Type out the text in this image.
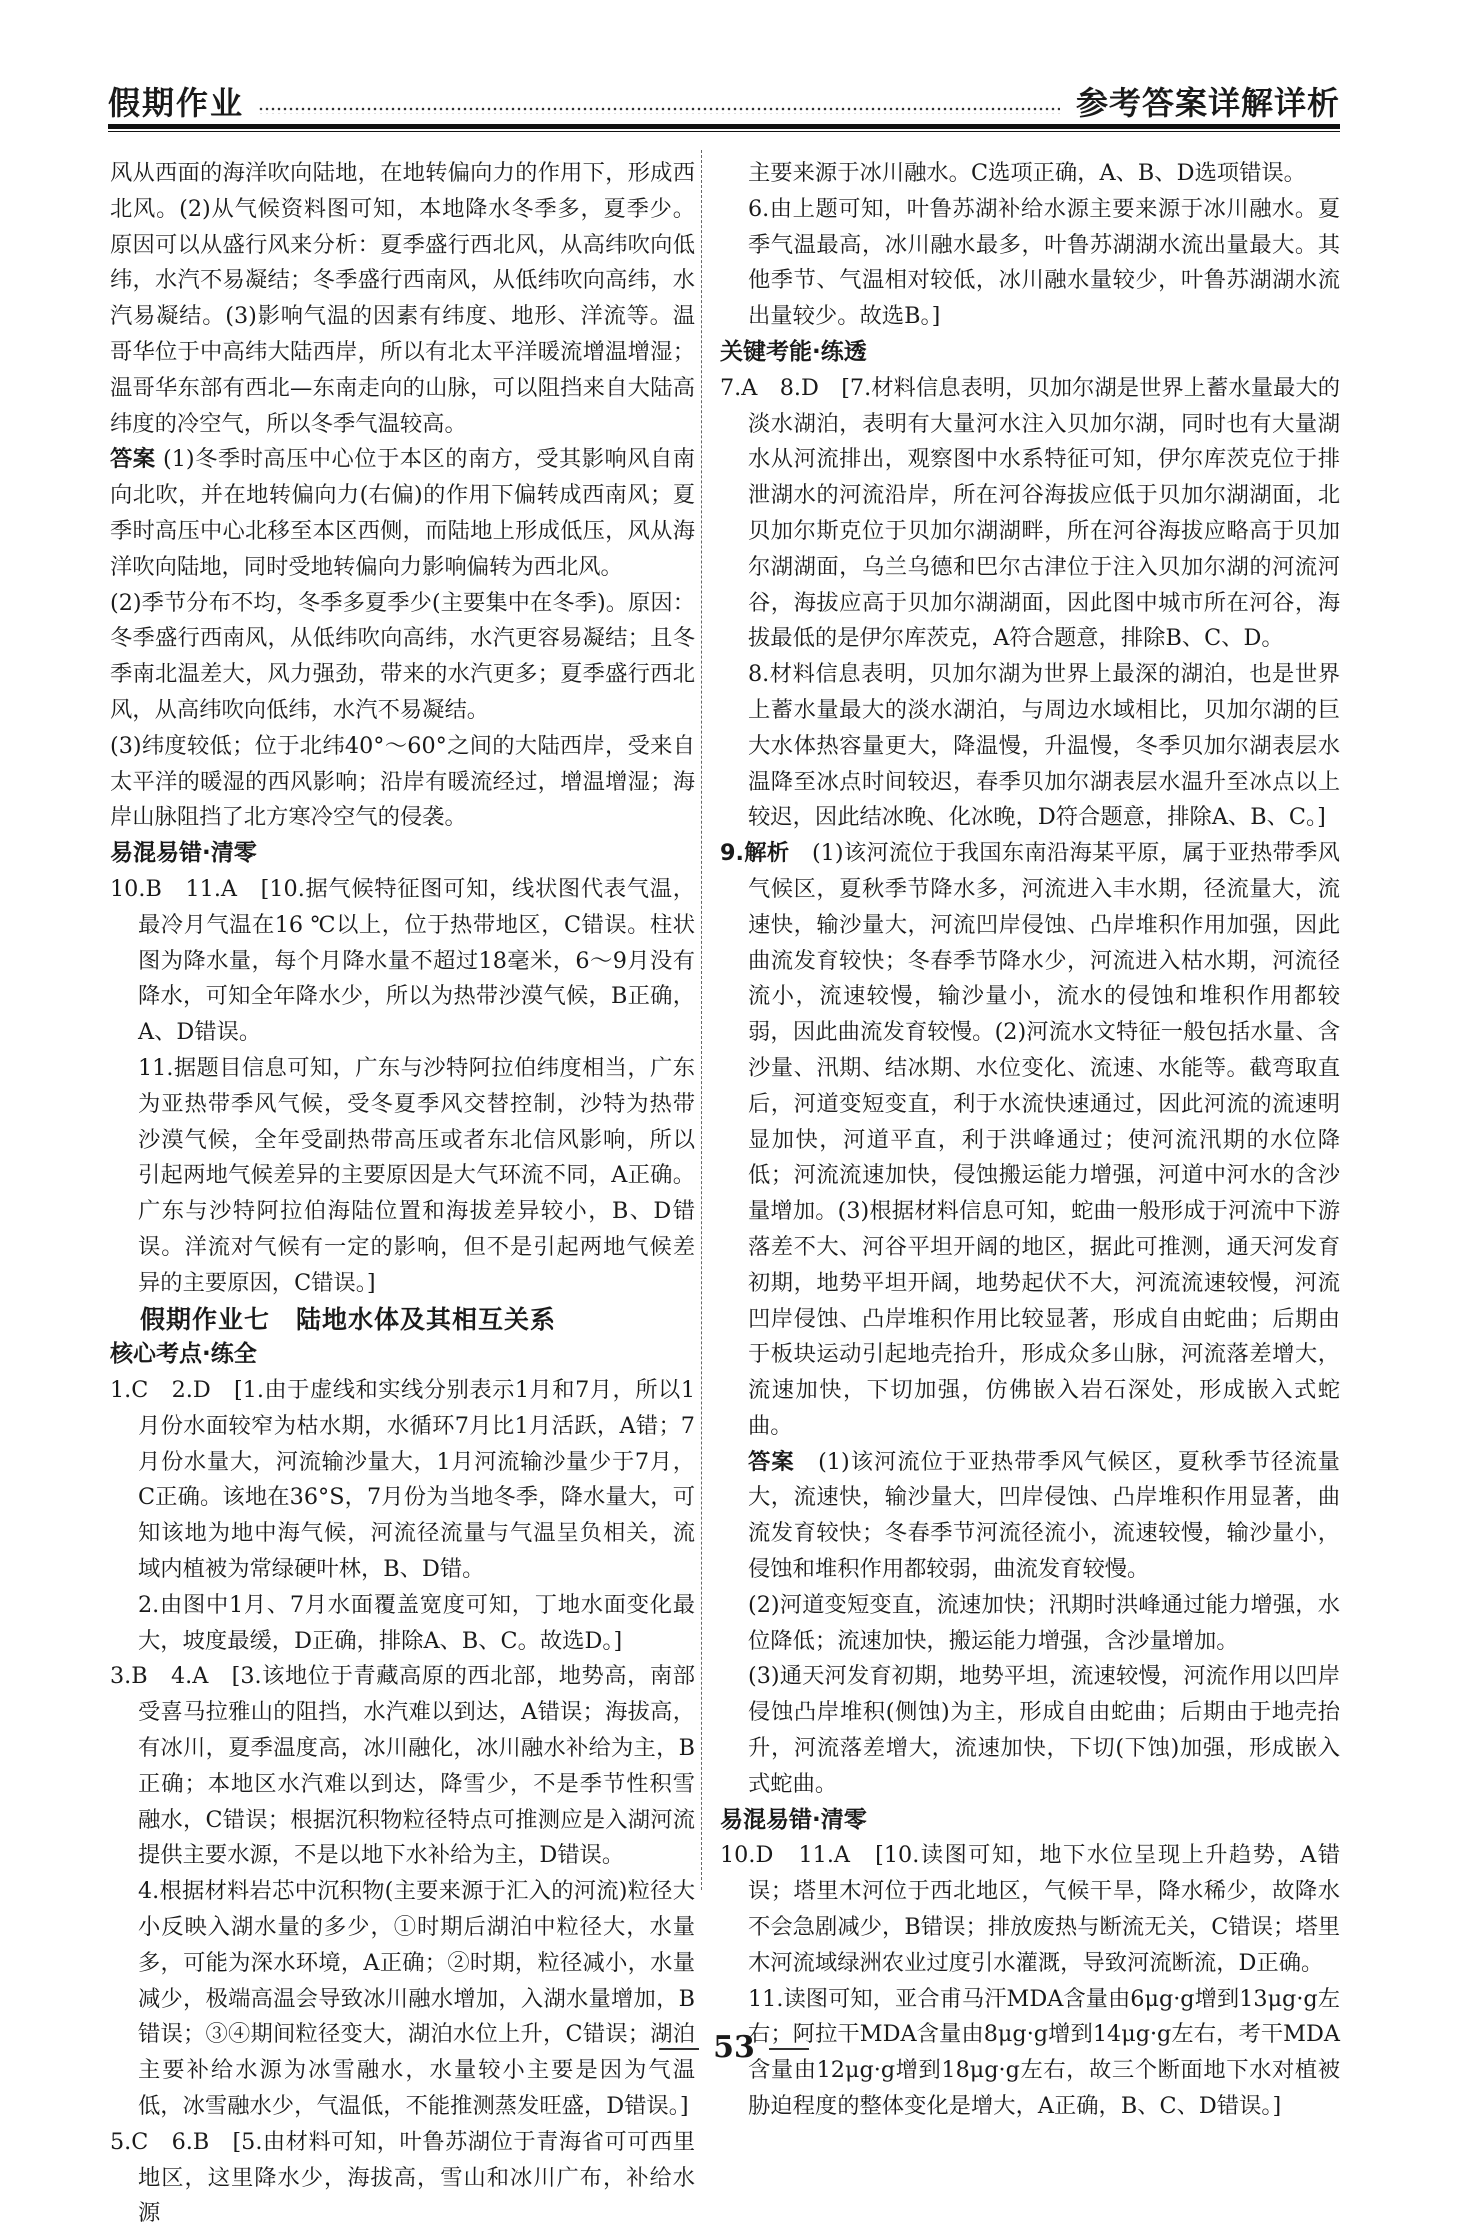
假期作业	参考答案详解详析

风从西面的海洋吹向陆地，在地转偏向力的作用下，形成西北风。(2)从气候资料图可知，本地降水冬季多，夏季少。原因可以从盛行风来分析：夏季盛行西北风，从高纬吹向低纬，水汽不易凝结；冬季盛行西南风，从低纬吹向高纬，水汽易凝结。(3)影响气温的因素有纬度、地形、洋流等。温哥华位于中高纬大陆西岸，所以有北太平洋暖流增温增湿；温哥华东部有西北—东南走向的山脉，可以阻挡来自大陆高纬度的冷空气，所以冬季气温较高。

答案 (1)冬季时高压中心位于本区的南方，受其影响风自南向北吹，并在地转偏向力(右偏)的作用下偏转成西南风；夏季时高压中心北移至本区西侧，而陆地上形成低压，风从海洋吹向陆地，同时受地转偏向力影响偏转为西北风。

(2)季节分布不均，冬季多夏季少(主要集中在冬季)。原因：冬季盛行西南风，从低纬吹向高纬，水汽更容易凝结；且冬季南北温差大，风力强劲，带来的水汽更多；夏季盛行西北风，从高纬吹向低纬，水汽不易凝结。

(3)纬度较低；位于北纬40°～60°之间的大陆西岸，受来自太平洋的暖湿的西风影响；沿岸有暖流经过，增温增湿；海岸山脉阻挡了北方寒冷空气的侵袭。

易混易错·清零

10.B　11.A　[10.据气候特征图可知，线状图代表气温，最冷月气温在16 ℃以上，位于热带地区，C错误。柱状图为降水量，每个月降水量不超过18毫米，6～9月没有降水，可知全年降水少，所以为热带沙漠气候，B正确，A、D错误。

11.据题目信息可知，广东与沙特阿拉伯纬度相当，广东为亚热带季风气候，受冬夏季风交替控制，沙特为热带沙漠气候，全年受副热带高压或者东北信风影响，所以引起两地气候差异的主要原因是大气环流不同，A正确。广东与沙特阿拉伯海陆位置和海拔差异较小，B、D错误。洋流对气候有一定的影响，但不是引起两地气候差异的主要原因，C错误。]

假期作业七　陆地水体及其相互关系

核心考点·练全

1.C　2.D　[1.由于虚线和实线分别表示1月和7月，所以1月份水面较窄为枯水期，水循环7月比1月活跃，A错；7月份水量大，河流输沙量大，1月河流输沙量少于7月，C正确。该地在36°S，7月份为当地冬季，降水量大，可知该地为地中海气候，河流径流量与气温呈负相关，流域内植被为常绿硬叶林，B、D错。

2.由图中1月、7月水面覆盖宽度可知，丁地水面变化最大，坡度最缓，D正确，排除A、B、C。故选D。]

3.B　4.A　[3.该地位于青藏高原的西北部，地势高，南部受喜马拉雅山的阻挡，水汽难以到达，A错误；海拔高，有冰川，夏季温度高，冰川融化，冰川融水补给为主，B正确；本地区水汽难以到达，降雪少，不是季节性积雪融水，C错误；根据沉积物粒径特点可推测应是入湖河流提供主要水源，不是以地下水补给为主，D错误。

4.根据材料岩芯中沉积物(主要来源于汇入的河流)粒径大小反映入湖水量的多少，①时期后湖泊中粒径大，水量多，可能为深水环境，A正确；②时期，粒径减小，水量减少，极端高温会导致冰川融水增加，入湖水量增加，B错误；③④期间粒径变大，湖泊水位上升，C错误；湖泊主要补给水源为冰雪融水，水量较小主要是因为气温低，冰雪融水少，气温低，不能推测蒸发旺盛，D错误。]

5.C　6.B　[5.由材料可知，叶鲁苏湖位于青海省可可西里地区，这里降水少，海拔高，雪山和冰川广布，补给水源

主要来源于冰川融水。C选项正确，A、B、D选项错误。

6.由上题可知，叶鲁苏湖补给水源主要来源于冰川融水。夏季气温最高，冰川融水最多，叶鲁苏湖湖水流出量最大。其他季节、气温相对较低，冰川融水量较少，叶鲁苏湖湖水流出量较少。故选B。]

关键考能·练透

7.A　8.D　[7.材料信息表明，贝加尔湖是世界上蓄水量最大的淡水湖泊，表明有大量河水注入贝加尔湖，同时也有大量湖水从河流排出，观察图中水系特征可知，伊尔库茨克位于排泄湖水的河流沿岸，所在河谷海拔应低于贝加尔湖湖面，北贝加尔斯克位于贝加尔湖湖畔，所在河谷海拔应略高于贝加尔湖湖面，乌兰乌德和巴尔古津位于注入贝加尔湖的河流河谷，海拔应高于贝加尔湖湖面，因此图中城市所在河谷，海拔最低的是伊尔库茨克，A符合题意，排除B、C、D。

8.材料信息表明，贝加尔湖为世界上最深的湖泊，也是世界上蓄水量最大的淡水湖泊，与周边水域相比，贝加尔湖的巨大水体热容量更大，降温慢，升温慢，冬季贝加尔湖表层水温降至冰点时间较迟，春季贝加尔湖表层水温升至冰点以上较迟，因此结冰晚、化冰晚，D符合题意，排除A、B、C。]

9.解析　 (1)该河流位于我国东南沿海某平原，属于亚热带季风气候区，夏秋季节降水多，河流进入丰水期，径流量大，流速快，输沙量大，河流凹岸侵蚀、凸岸堆积作用加强，因此曲流发育较快；冬春季节降水少，河流进入枯水期，河流径流小，流速较慢，输沙量小，流水的侵蚀和堆积作用都较弱，因此曲流发育较慢。(2)河流水文特征一般包括水量、含沙量、汛期、结冰期、水位变化、流速、水能等。截弯取直后，河道变短变直，利于水流快速通过，因此河流的流速明显加快，河道平直，利于洪峰通过；使河流汛期的水位降低；河流流速加快，侵蚀搬运能力增强，河道中河水的含沙量增加。(3)根据材料信息可知，蛇曲一般形成于河流中下游落差不大、河谷平坦开阔的地区，据此可推测，通天河发育初期，地势平坦开阔，地势起伏不大，河流流速较慢，河流凹岸侵蚀、凸岸堆积作用比较显著，形成自由蛇曲；后期由于板块运动引起地壳抬升，形成众多山脉，河流落差增大，流速加快，下切加强，仿佛嵌入岩石深处，形成嵌入式蛇曲。

答案　 (1)该河流位于亚热带季风气候区，夏秋季节径流量大，流速快，输沙量大，凹岸侵蚀、凸岸堆积作用显著，曲流发育较快；冬春季节河流径流小，流速较慢，输沙量小，侵蚀和堆积作用都较弱，曲流发育较慢。

(2)河道变短变直，流速加快；汛期时洪峰通过能力增强，水位降低；流速加快，搬运能力增强，含沙量增加。

(3)通天河发育初期，地势平坦，流速较慢，河流作用以凹岸侵蚀凸岸堆积(侧蚀)为主，形成自由蛇曲；后期由于地壳抬升，河流落差增大，流速加快，下切(下蚀)加强，形成嵌入式蛇曲。

易混易错·清零

10.D　11.A　[10.读图可知，地下水位呈现上升趋势，A错误；塔里木河位于西北地区，气候干旱，降水稀少，故降水不会急剧减少，B错误；排放废热与断流无关，C错误；塔里木河流域绿洲农业过度引水灌溉，导致河流断流，D正确。

11.读图可知，亚合甫马汗MDA含量由6μg·g增到13μg·g左右；阿拉干MDA含量由8μg·g增到14μg·g左右，考干MDA含量由12μg·g增到18μg·g左右，故三个断面地下水对植被胁迫程度的整体变化是增大，A正确，B、C、D错误。]

53
